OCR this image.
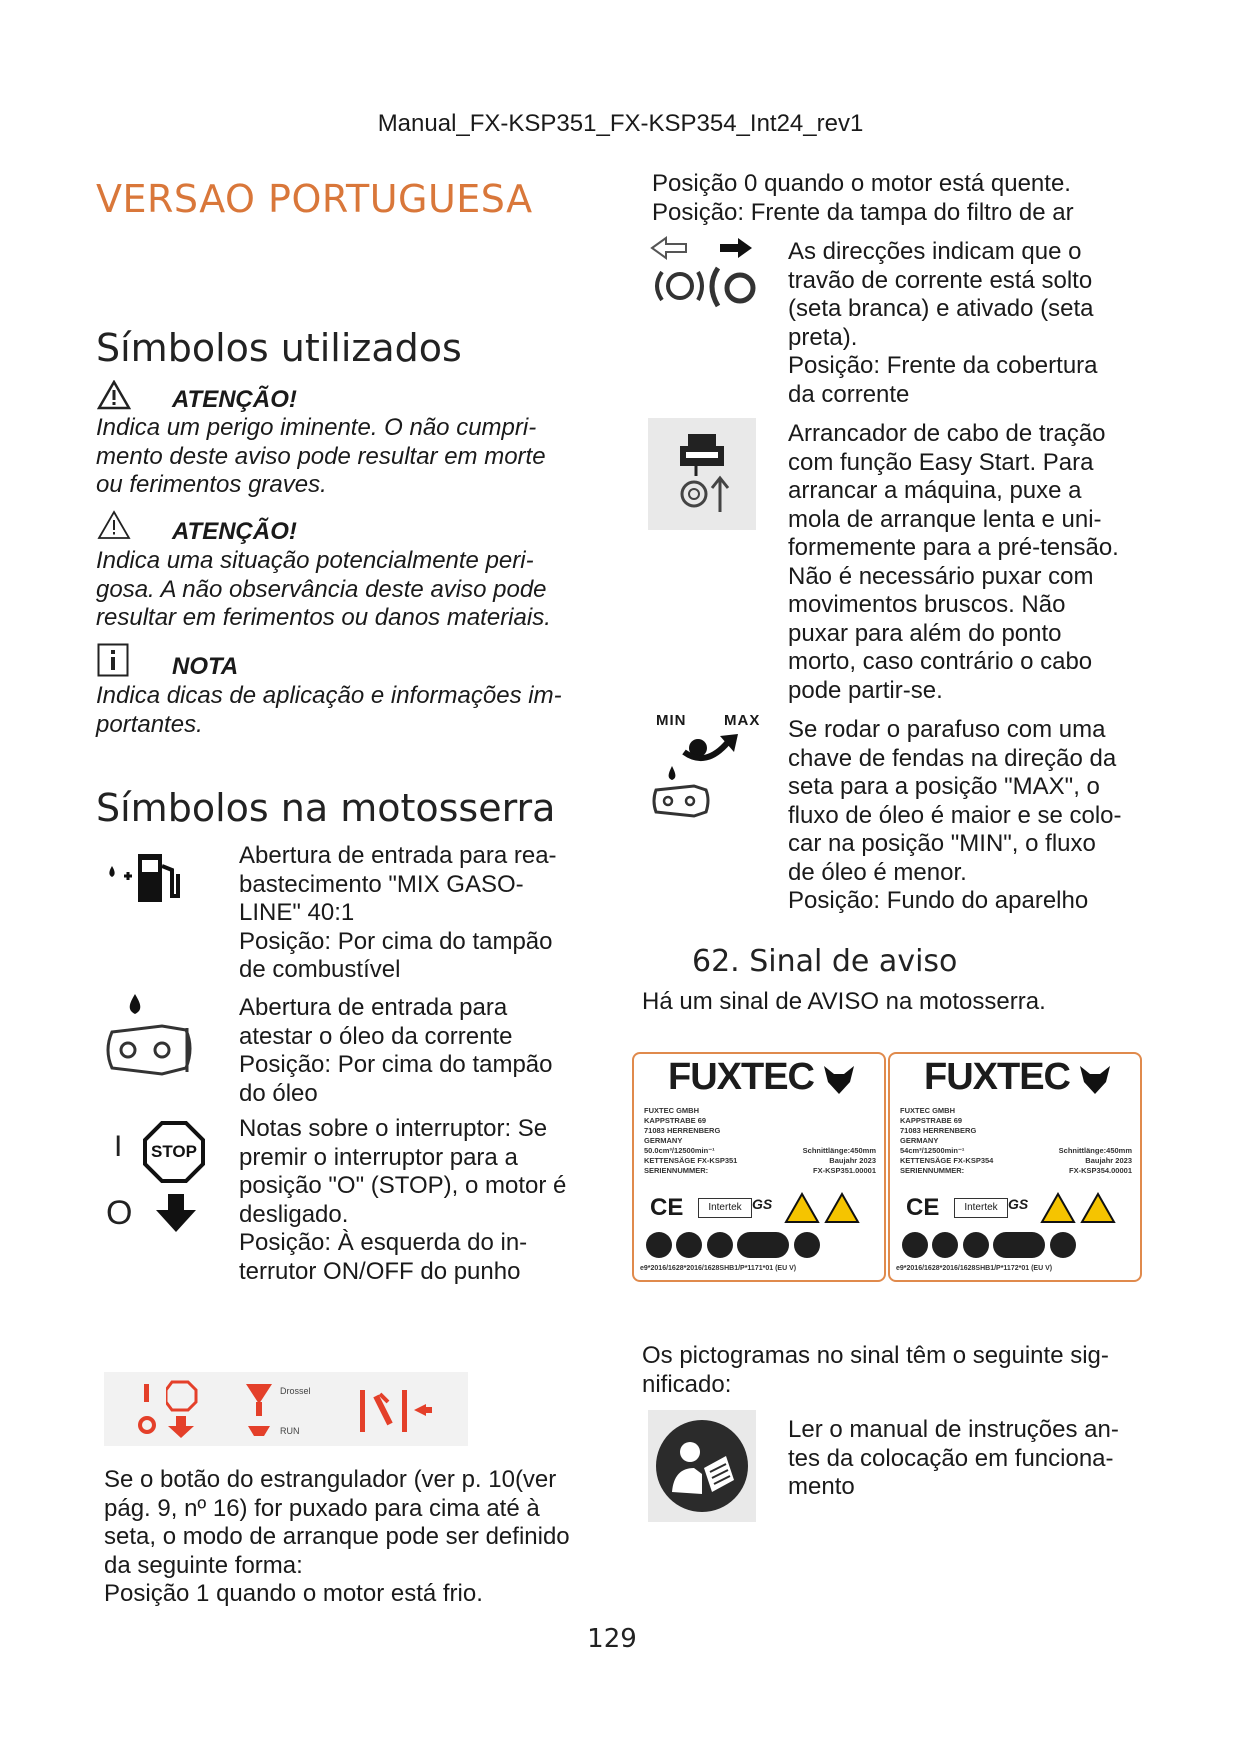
Manual_FX-KSP351_FX-KSP354_Int24_rev1
VERSAO PORTUGUESA
Símbolos utilizados
ATENÇÃO!
Indica um perigo iminente. O não cumpri-
mento deste aviso pode resultar em morte
ou ferimentos graves.
ATENÇÃO!
Indica uma situação potencialmente peri-
gosa. A não observância deste aviso pode
resultar em ferimentos ou danos materiais.
NOTA
Indica dicas de aplicação e informações im-
portantes.
Símbolos na motosserra
Abertura de entrada para rea-
bastecimento "MIX GASO-
LINE" 40:1
Posição: Por cima do tampão
de combustível
Abertura de entrada para
atestar o óleo da corrente
Posição: Por cima do tampão
do óleo
I	STOP
O
Notas sobre o interruptor: Se
premir o interruptor para a
posição "O" (STOP), o motor é
desligado.
Posição: À esquerda do in-
terrutor ON/OFF do punho
Drossel
RUN
Se o botão do estrangulador (ver p. 10(ver
pág. 9, nº 16) for puxado para cima até à
seta, o modo de arranque pode ser definido
da seguinte forma:
Posição 1 quando o motor está frio.
Posição 0 quando o motor está quente.
Posição: Frente da tampa do filtro de ar
As direcções indicam que o
travão de corrente está solto
(seta branca) e ativado (seta
preta).
Posição: Frente da cobertura
da corrente
Arrancador de cabo de tração
com função Easy Start. Para
arrancar a máquina, puxe a
mola de arranque lenta e uni-
formemente para a pré-tensão.
Não é necessário puxar com
movimentos bruscos. Não
puxar para além do ponto
morto, caso contrário o cabo
pode partir-se.
MIN	MAX Se rodar o parafuso com uma
chave de fendas na direção da
seta para a posição "MAX", o
fluxo de óleo é maior e se colo-
car na posição "MIN", o fluxo
de óleo é menor.
Posição: Fundo do aparelho
62. Sinal de aviso
Há um sinal de AVISO na motosserra.
FUXTEC
FUXTEC GMBH
KAPPSTRABE 69
71083 HERRENBERG
GERMANY
50.0cm³/12500min⁻¹
KETTENSÄGE FX-KSP351
SERIENNUMMER:
Schnittlänge:450mm
Baujahr 2023
FX-KSP351.00001
CE	Intertek GS

e9*2016/1628*2016/1628SHB1/P*1171*01 (EU V)
FUXTEC
FUXTEC GMBH
KAPPSTRABE 69
71083 HERRENBERG
GERMANY
54cm³/12500min⁻¹
KETTENSÄGE FX-KSP354
SERIENNUMMER:
Schnittlänge:450mm
Baujahr 2023
FX-KSP354.00001
CE	Intertek GS

e9*2016/1628*2016/1628SHB1/P*1172*01 (EU V)
Os pictogramas no sinal têm o seguinte sig-
nificado:
Ler o manual de instruções an-
tes da colocação em funciona-
mento
129
